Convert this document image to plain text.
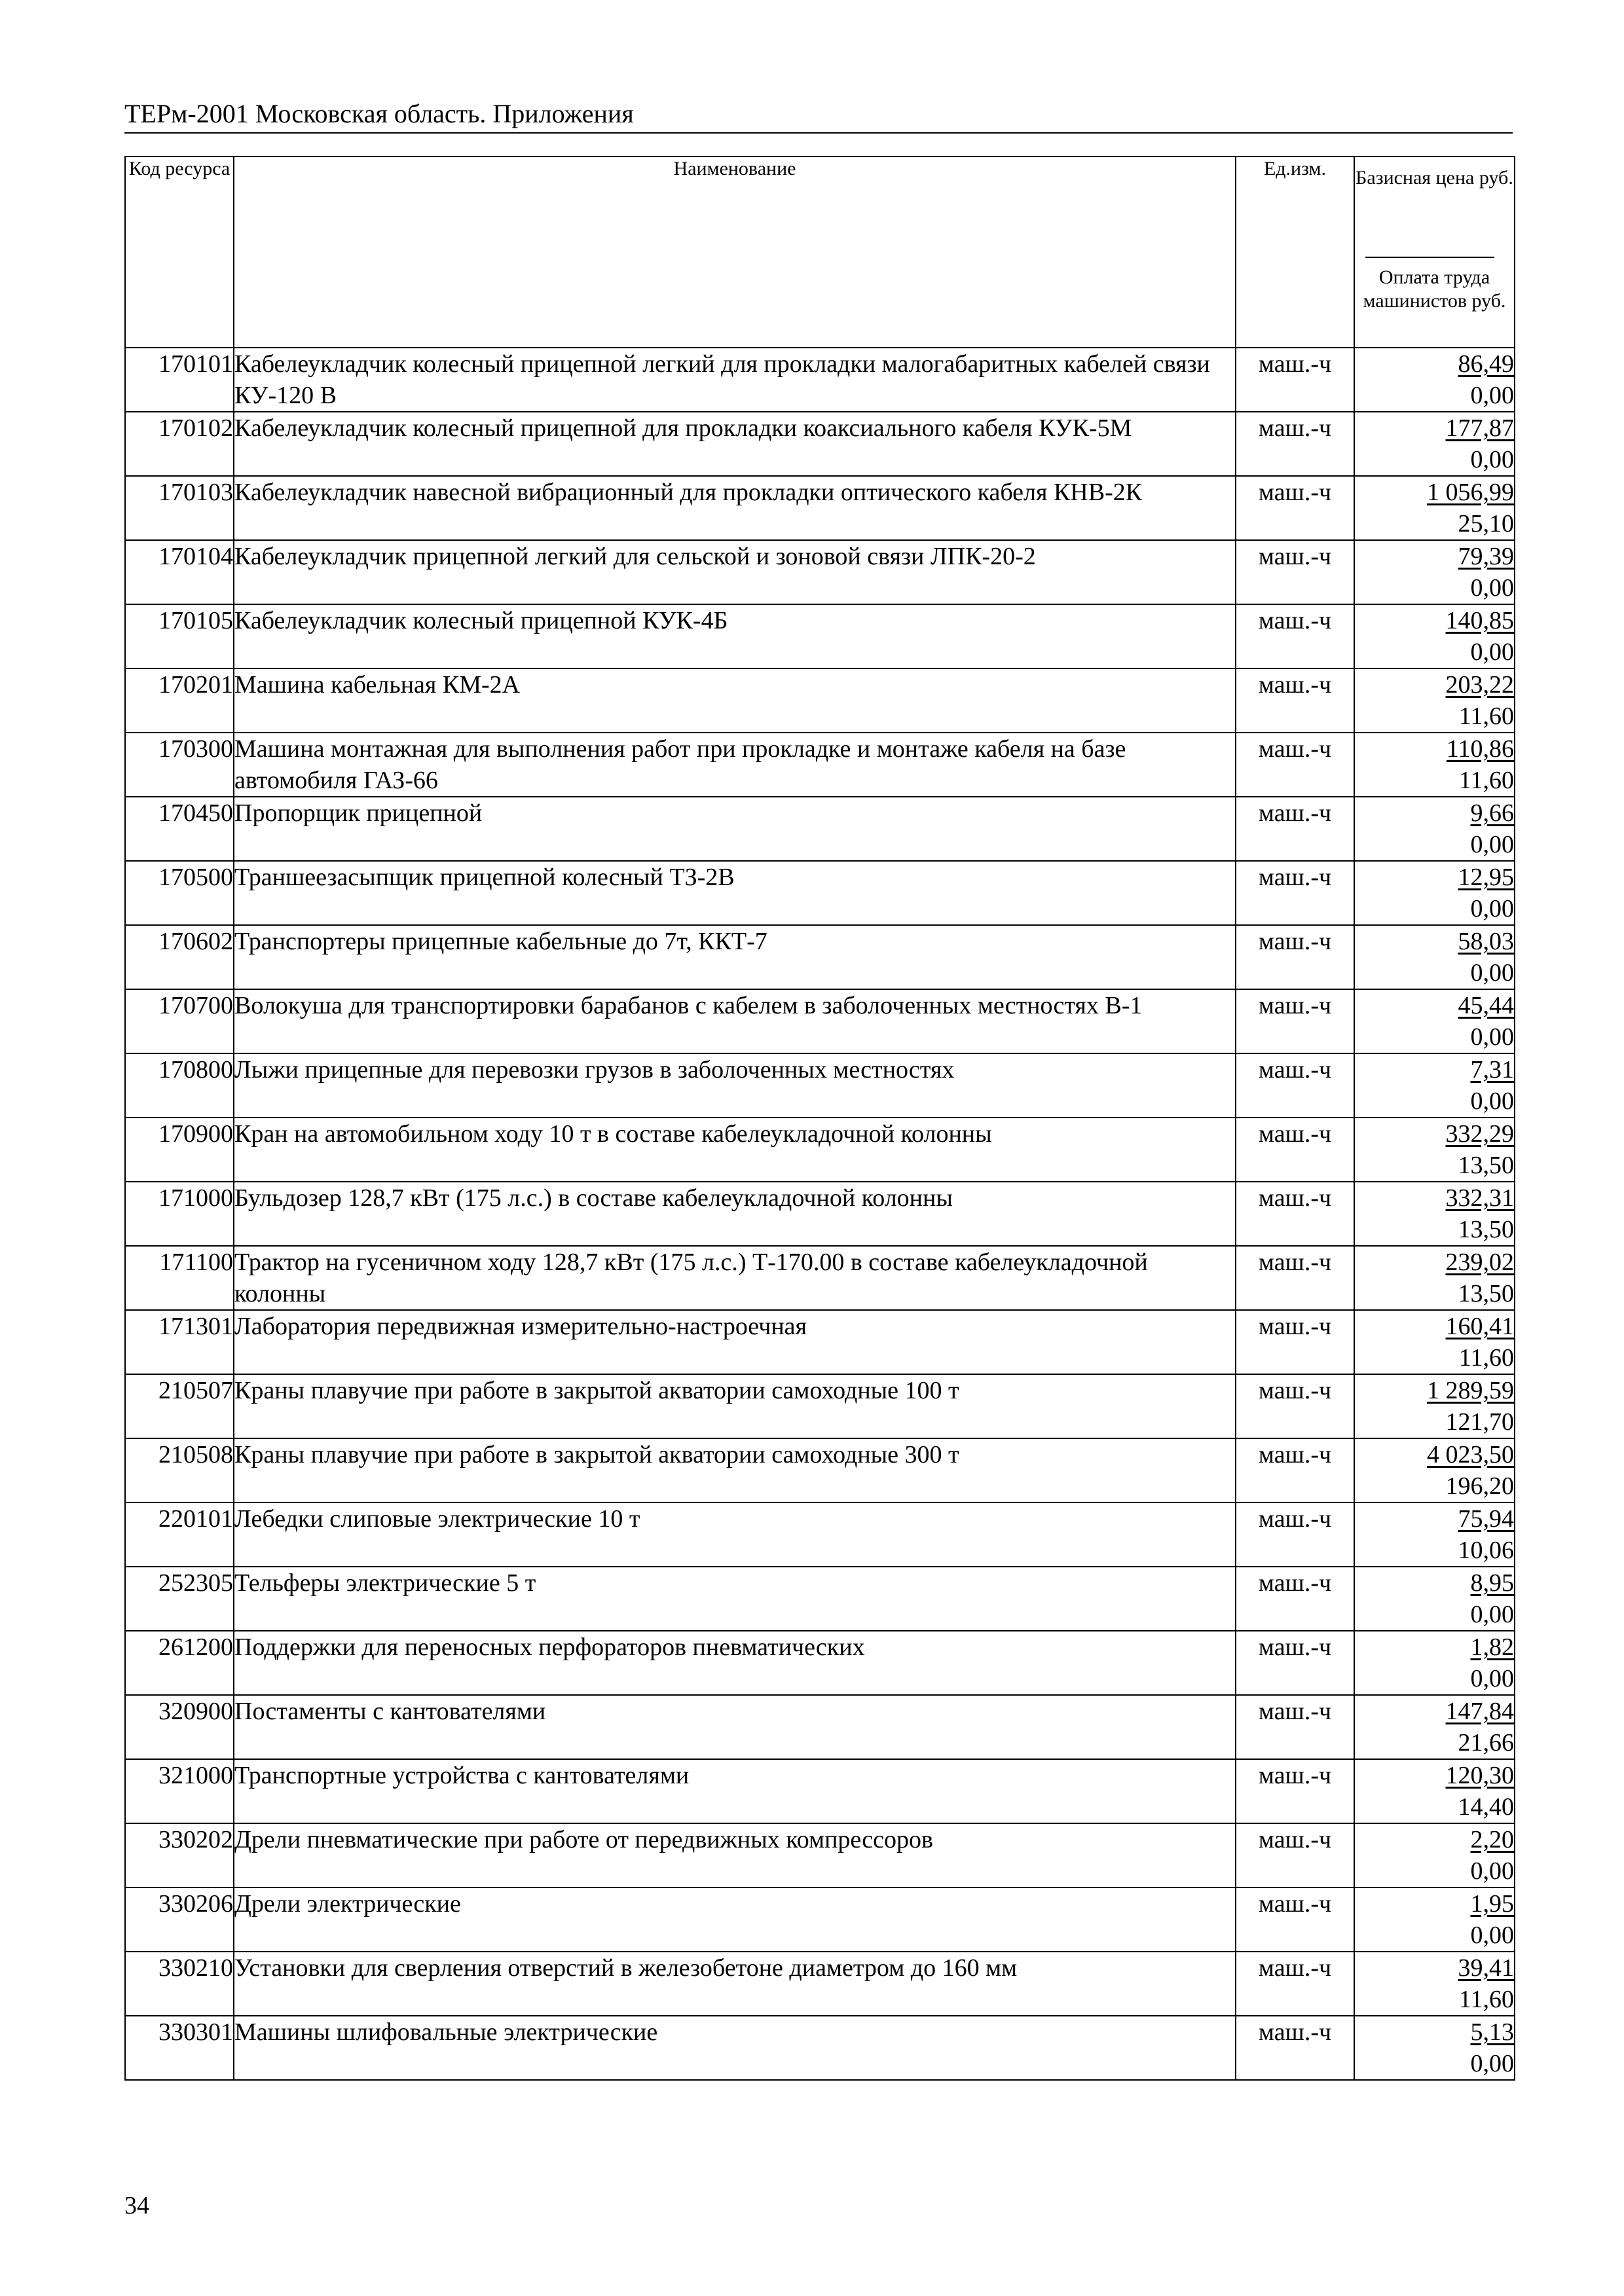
ТЕРм-2001 Московская область. Приложения
Код ресурса	Наименование	Ед.изм.	Базисная цена руб.
Оплата труда машинистов руб.

170101	Кабелеукладчик колесный прицепной легкий для прокладки малогабаритных кабелей связи КУ-120 В	маш.-ч	86,49
0,00

170102	Кабелеукладчик колесный прицепной для прокладки коаксиального кабеля КУК-5М	маш.-ч	177,87
0,00

170103	Кабелеукладчик навесной вибрационный для прокладки оптического кабеля КНВ-2К	маш.-ч	1 056,99
25,10

170104	Кабелеукладчик прицепной легкий для сельской и зоновой связи ЛПК-20-2	маш.-ч	79,39
0,00

170105	Кабелеукладчик колесный прицепной КУК-4Б	маш.-ч	140,85
0,00

170201	Машина кабельная КМ-2А	маш.-ч	203,22
11,60

170300	Машина монтажная для выполнения работ при прокладке и монтаже кабеля на базе автомобиля ГАЗ-66	маш.-ч	110,86
11,60

170450	Пропорщик прицепной	маш.-ч	9,66
0,00

170500	Траншеезасыпщик прицепной колесный ТЗ-2В	маш.-ч	12,95
0,00

170602	Транспортеры прицепные кабельные до 7т, ККТ-7	маш.-ч	58,03
0,00

170700	Волокуша для транспортировки барабанов с кабелем в заболоченных местностях В-1	маш.-ч	45,44
0,00

170800	Лыжи прицепные для перевозки грузов в заболоченных местностях	маш.-ч	7,31
0,00

170900	Кран на автомобильном ходу 10 т в составе кабелеукладочной колонны	маш.-ч	332,29
13,50

171000	Бульдозер 128,7 кВт (175 л.с.) в составе кабелеукладочной колонны	маш.-ч	332,31
13,50

171100	Трактор на гусеничном ходу 128,7 кВт (175 л.с.) Т-170.00 в составе кабелеукладочной колонны	маш.-ч	239,02
13,50

171301	Лаборатория передвижная измерительно-настроечная	маш.-ч	160,41
11,60

210507	Краны плавучие при работе в закрытой акватории самоходные 100 т	маш.-ч	1 289,59
121,70

210508	Краны плавучие при работе в закрытой акватории самоходные 300 т	маш.-ч	4 023,50
196,20

220101	Лебедки слиповые электрические 10 т	маш.-ч	75,94
10,06

252305	Тельферы электрические 5 т	маш.-ч	8,95
0,00

261200	Поддержки для переносных перфораторов пневматических	маш.-ч	1,82
0,00

320900	Постаменты с кантователями	маш.-ч	147,84
21,66

321000	Транспортные устройства с кантователями	маш.-ч	120,30
14,40

330202	Дрели пневматические при работе от передвижных компрессоров	маш.-ч	2,20
0,00

330206	Дрели электрические	маш.-ч	1,95
0,00

330210	Установки для сверления отверстий в железобетоне диаметром до 160 мм	маш.-ч	39,41
11,60

330301	Машины шлифовальные электрические	маш.-ч	5,13
0,00
34
